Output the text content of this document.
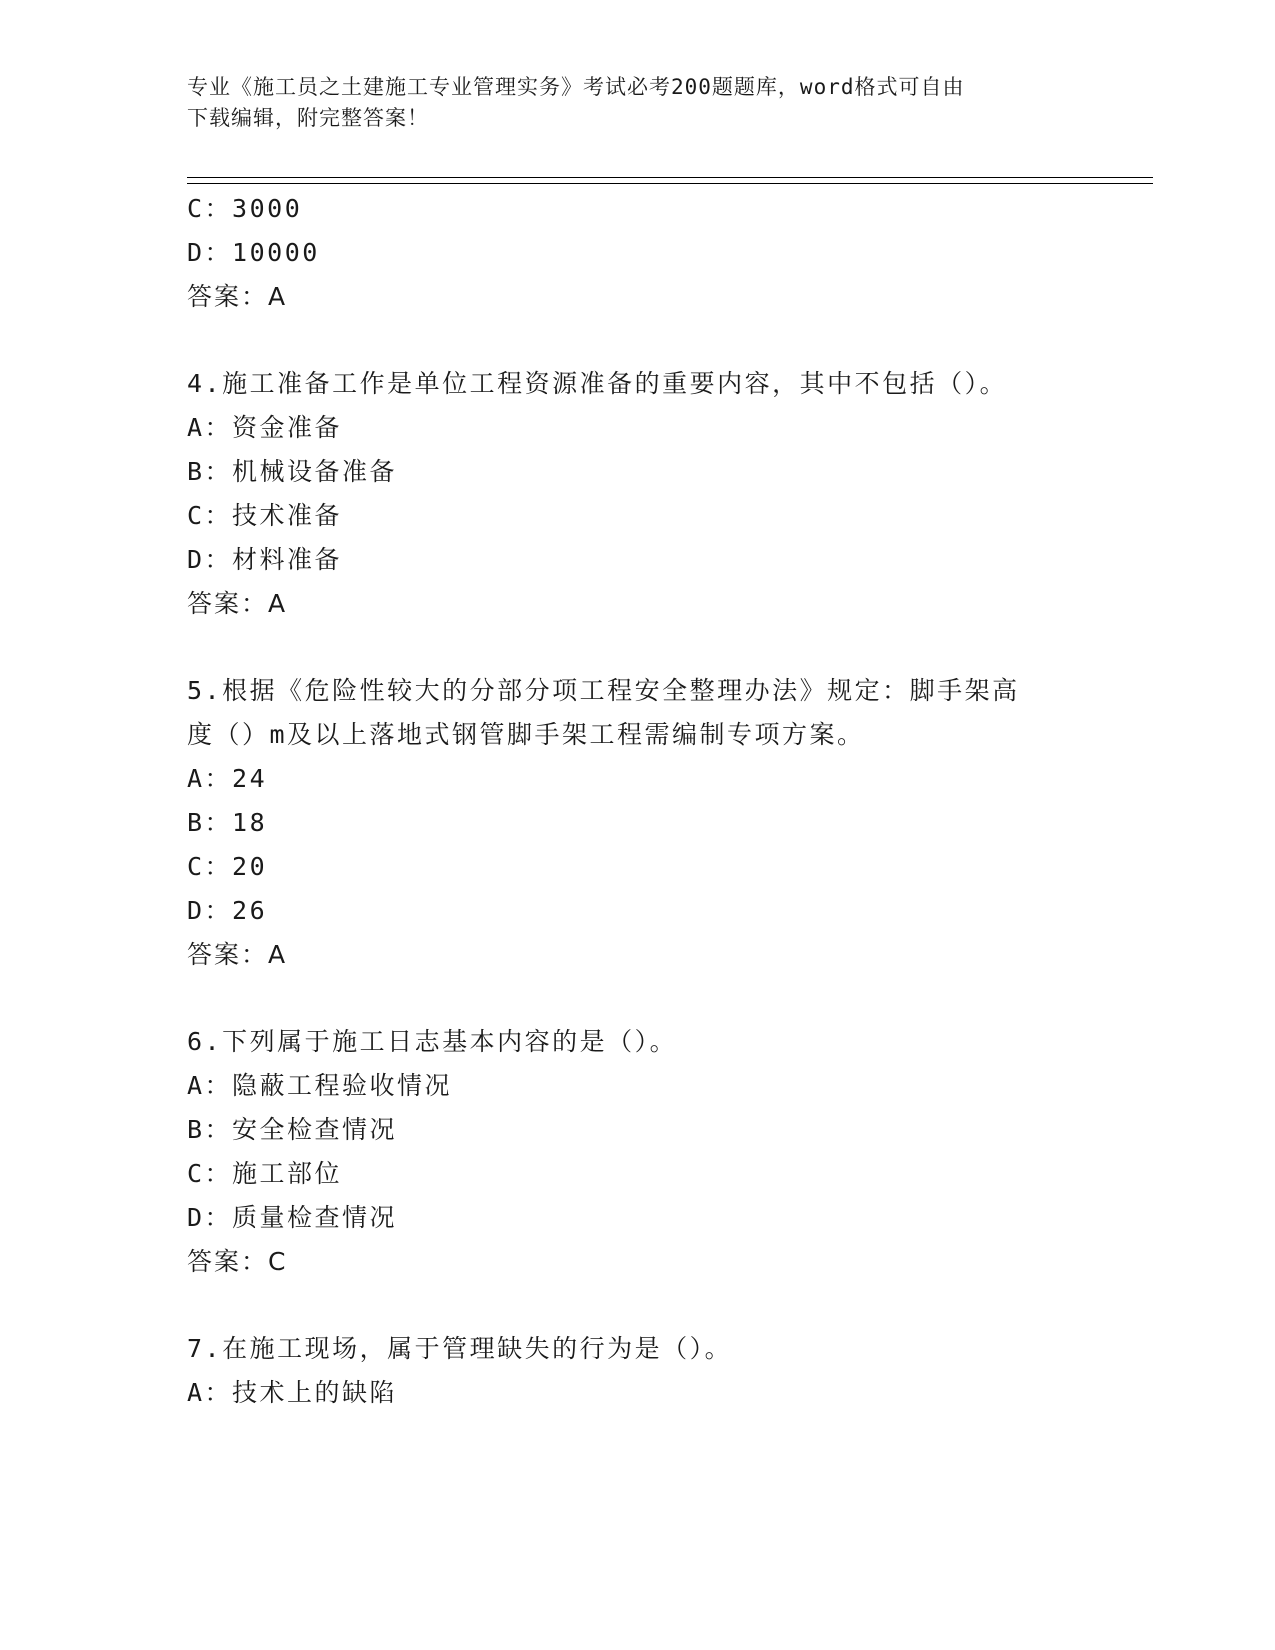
专业《施工员之土建施工专业管理实务》考试必考200题题库，word格式可自由
下载编辑，附完整答案！
C：3000
D：10000
答案：A
4.施工准备工作是单位工程资源准备的重要内容，其中不包括（）。
A：资金准备
B：机械设备准备
C：技术准备
D：材料准备
答案：A
5.根据《危险性较大的分部分项工程安全整理办法》规定：脚手架高
度（）m及以上落地式钢管脚手架工程需编制专项方案。
A：24
B：18
C：20
D：26
答案：A
6.下列属于施工日志基本内容的是（）。
A：隐蔽工程验收情况
B：安全检查情况
C：施工部位
D：质量检查情况
答案：C
7.在施工现场，属于管理缺失的行为是（）。
A：技术上的缺陷
